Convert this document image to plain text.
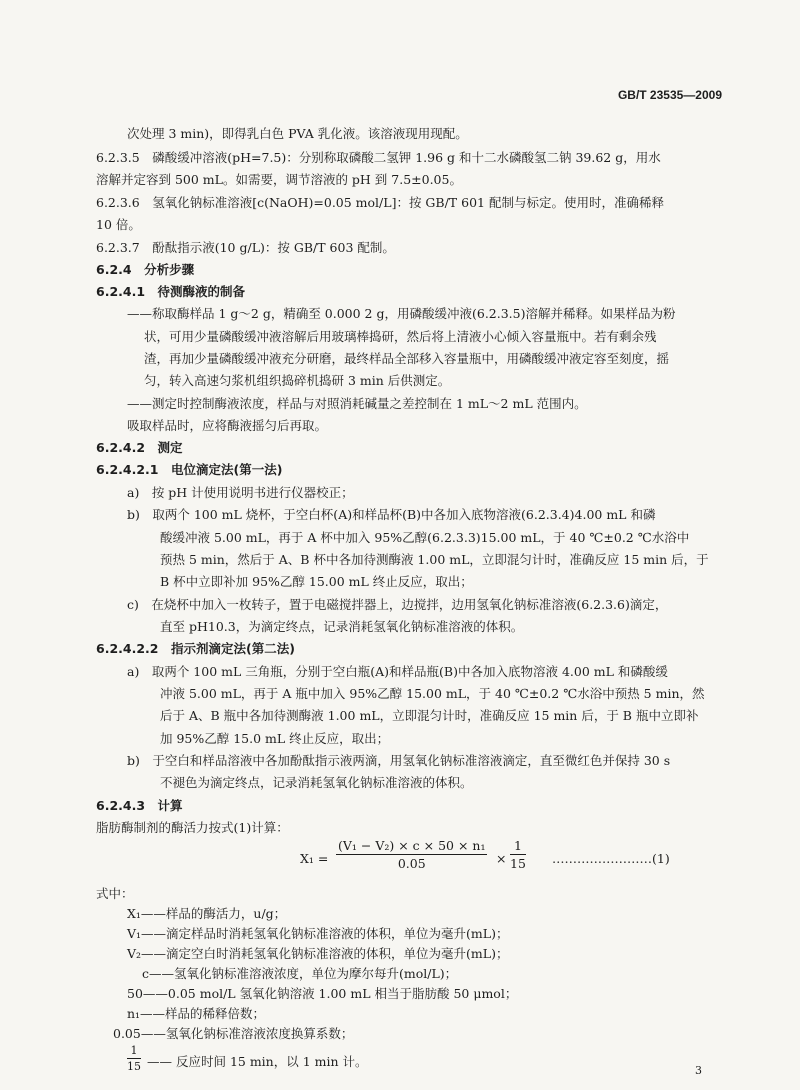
GB/T 23535—2009
次处理 3 min)，即得乳白色 PVA 乳化液。该溶液现用现配。
6.2.3.5　磷酸缓冲溶液(pH=7.5)：分别称取磷酸二氢钾 1.96 g 和十二水磷酸氢二钠 39.62 g，用水
溶解并定容到 500 mL。如需要，调节溶液的 pH 到 7.5±0.05。
6.2.3.6　氢氧化钠标准溶液[c(NaOH)=0.05 mol/L]：按 GB/T 601 配制与标定。使用时，准确稀释
10 倍。
6.2.3.7　酚酞指示液(10 g/L)：按 GB/T 603 配制。
6.2.4　分析步骤
6.2.4.1　待测酶液的制备
——称取酶样品 1 g～2 g，精确至 0.000 2 g，用磷酸缓冲液(6.2.3.5)溶解并稀释。如果样品为粉
状，可用少量磷酸缓冲液溶解后用玻璃棒捣研，然后将上清液小心倾入容量瓶中。若有剩余残
渣，再加少量磷酸缓冲液充分研磨，最终样品全部移入容量瓶中，用磷酸缓冲液定容至刻度，摇
匀，转入高速匀浆机组织捣碎机捣研 3 min 后供测定。
——测定时控制酶液浓度，样品与对照消耗碱量之差控制在 1 mL～2 mL 范围内。
吸取样品时，应将酶液摇匀后再取。
6.2.4.2　测定
6.2.4.2.1　电位滴定法(第一法)
a)　按 pH 计使用说明书进行仪器校正；
b)　取两个 100 mL 烧杯，于空白杯(A)和样品杯(B)中各加入底物溶液(6.2.3.4)4.00 mL 和磷
酸缓冲液 5.00 mL，再于 A 杯中加入 95%乙醇(6.2.3.3)15.00 mL，于 40 ℃±0.2 ℃水浴中
预热 5 min，然后于 A、B 杯中各加待测酶液 1.00 mL，立即混匀计时，准确反应 15 min 后，于
B 杯中立即补加 95%乙醇 15.00 mL 终止反应，取出；
c)　在烧杯中加入一枚转子，置于电磁搅拌器上，边搅拌，边用氢氧化钠标准溶液(6.2.3.6)滴定，
直至 pH10.3，为滴定终点，记录消耗氢氧化钠标准溶液的体积。
6.2.4.2.2　指示剂滴定法(第二法)
a)　取两个 100 mL 三角瓶，分别于空白瓶(A)和样品瓶(B)中各加入底物溶液 4.00 mL 和磷酸缓
冲液 5.00 mL，再于 A 瓶中加入 95%乙醇 15.00 mL，于 40 ℃±0.2 ℃水浴中预热 5 min，然
后于 A、B 瓶中各加待测酶液 1.00 mL，立即混匀计时，准确反应 15 min 后，于 B 瓶中立即补
加 95%乙醇 15.0 mL 终止反应，取出；
b)　于空白和样品溶液中各加酚酞指示液两滴，用氢氧化钠标准溶液滴定，直至微红色并保持 30 s
不褪色为滴定终点，记录消耗氢氧化钠标准溶液的体积。
6.2.4.3　计算
脂肪酶制剂的酶活力按式(1)计算：
$X_1 = \frac{\text{(V₁ − V₂) × c × 50 × n₁}}{0.05} \times \frac{1}{15}$ ……………………(1)
式中：
X₁——样品的酶活力，u/g；
V₁——滴定样品时消耗氢氧化钠标准溶液的体积，单位为毫升(mL)；
V₂——滴定空白时消耗氢氧化钠标准溶液的体积，单位为毫升(mL)；
c——氢氧化钠标准溶液浓度，单位为摩尔每升(mol/L)；
50——0.05 mol/L 氢氧化钠溶液 1.00 mL 相当于脂肪酸 50 μmol；
n₁——样品的稀释倍数；
0.05——氢氧化钠标准溶液浓度换算系数；
$\frac{1}{15}$ —— 反应时间 15 min，以 1 min 计。
3
